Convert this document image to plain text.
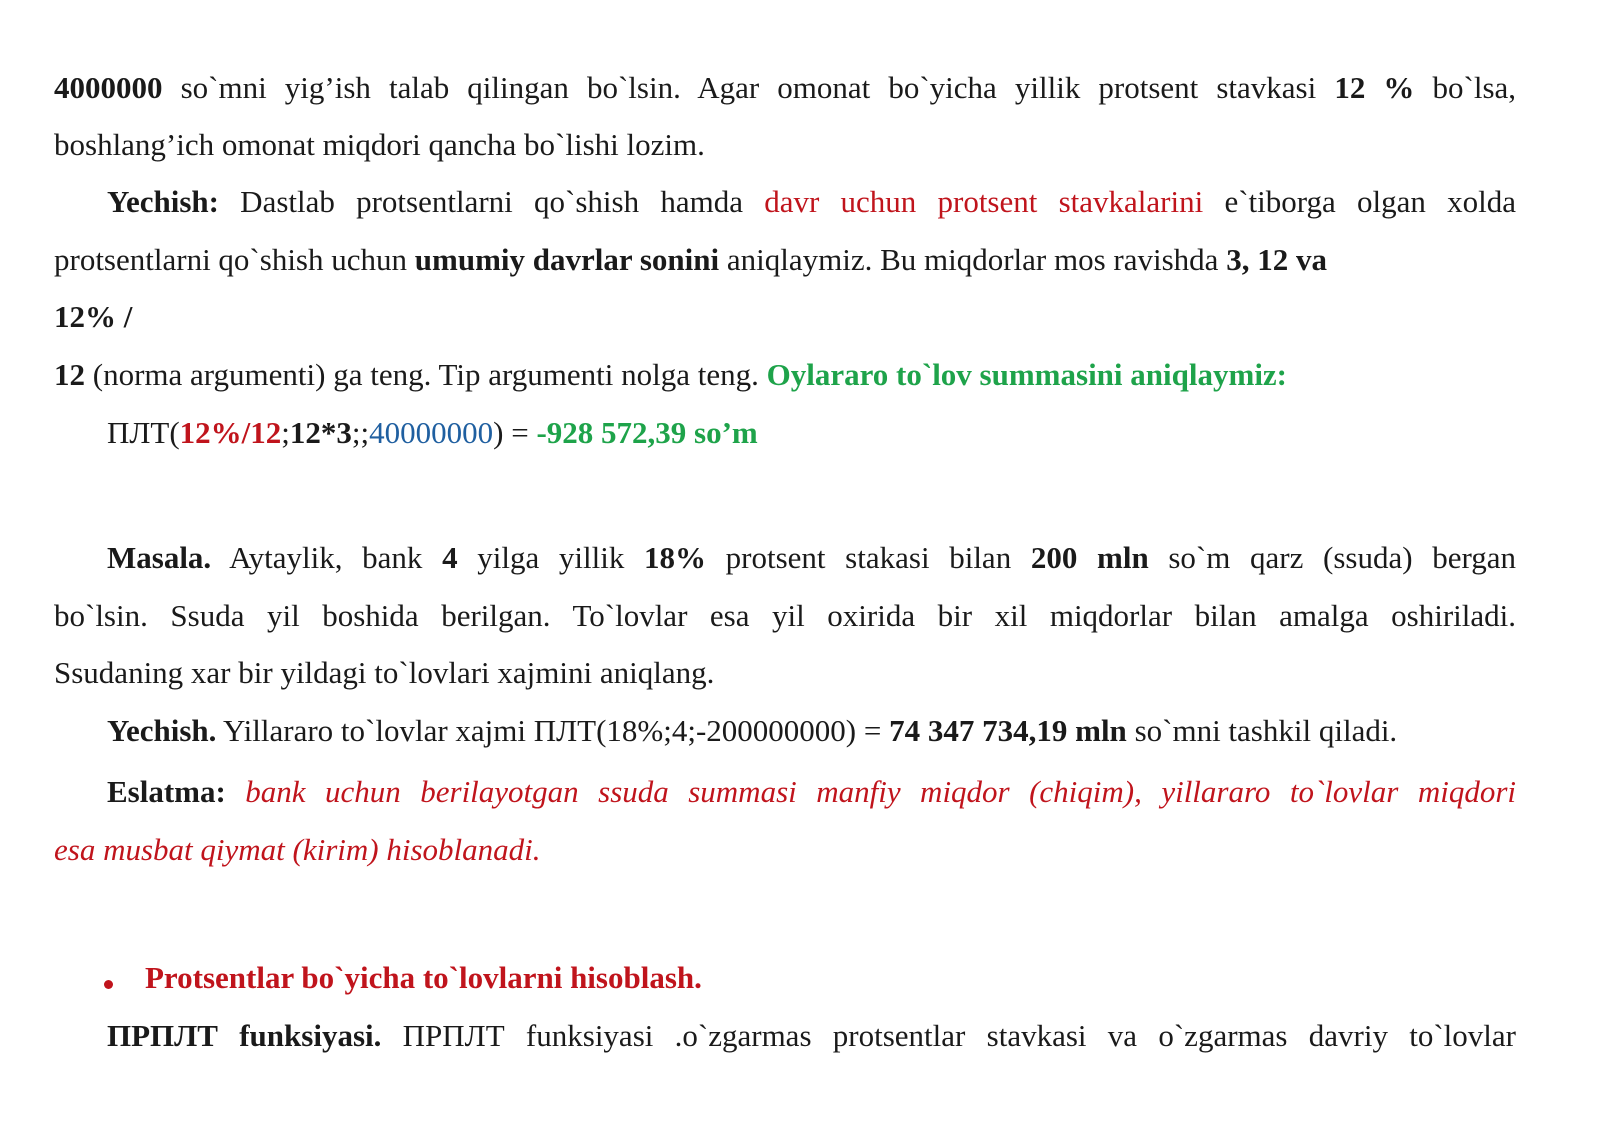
4000000 so`mni yig’ish talab qilingan bo`lsin. Agar omonat bo`yicha yillik protsent stavkasi 12 % bo`lsa,
boshlang’ich omonat miqdori qancha bo`lishi lozim.
Yechish: Dastlab protsentlarni qo`shish hamda davr uchun protsent stavkalarini e`tiborga olgan xolda
protsentlarni qo`shish uchun umumiy davrlar sonini aniqlaymiz. Bu miqdorlar mos ravishda 3, 12 va
12% /
12 (norma argumenti) ga teng. Tip argumenti nolga teng. Oylararo to`lov summasini aniqlaymiz:
ПЛТ(12%/12;12*3;;40000000) = -928 572,39 so’m
Masala. Aytaylik, bank 4 yilga yillik 18% protsent stakasi bilan 200 mln so`m qarz (ssuda) bergan
bo`lsin. Ssuda yil boshida berilgan. To`lovlar esa yil oxirida bir xil miqdorlar bilan amalga oshiriladi.
Ssudaning xar bir yildagi to`lovlari xajmini aniqlang.
Yechish. Yillararo to`lovlar xajmi ПЛТ(18%;4;-200000000) = 74 347 734,19 mln so`mni tashkil qiladi.
Eslatma: bank uchun berilayotgan ssuda summasi manfiy miqdor (chiqim), yillararo to`lovlar miqdori
esa musbat qiymat (kirim) hisoblanadi.
Protsentlar bo`yicha to`lovlarni hisoblash.
ПРПЛТ funksiyasi. ПРПЛТ funksiyasi .o`zgarmas protsentlar stavkasi va o`zgarmas davriy to`lovlar
